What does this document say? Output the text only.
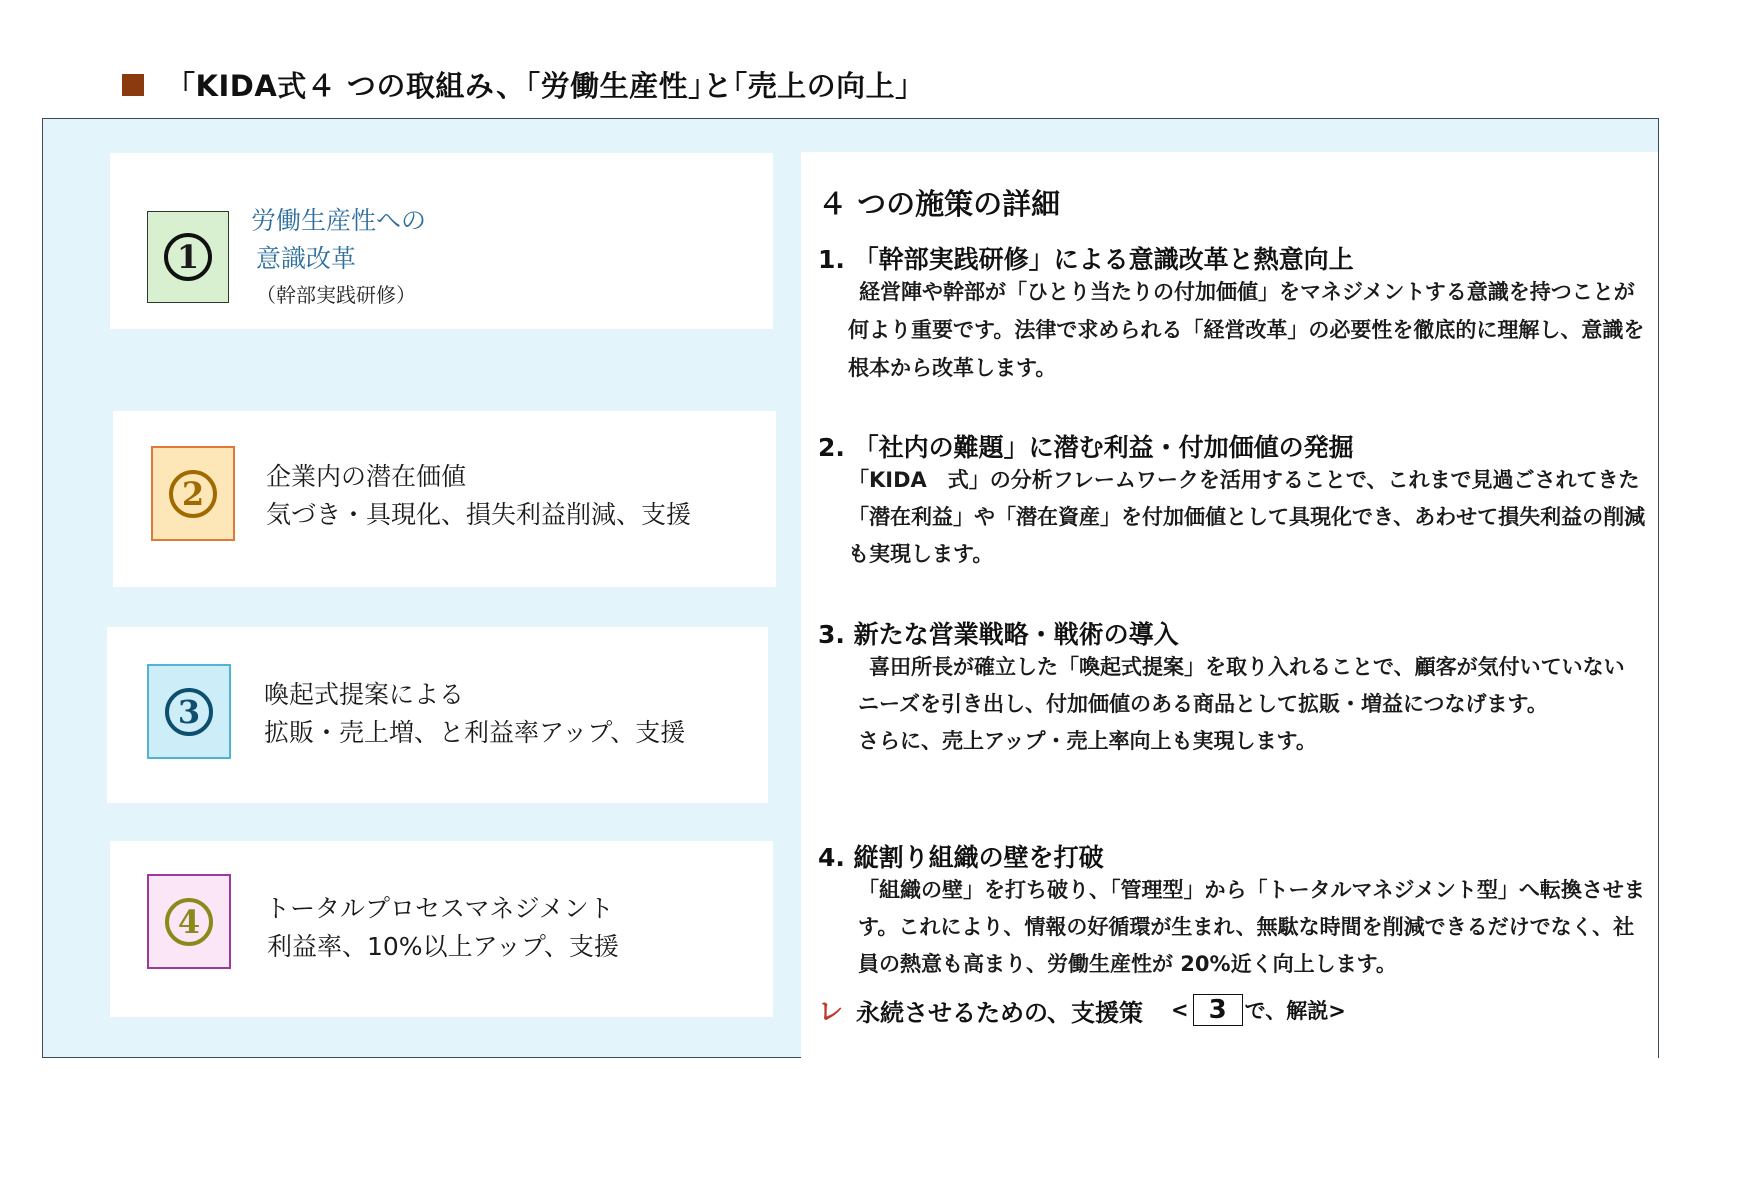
「KIDA式４ つの取組み、｢労働生産性｣と｢売上の向上｣
1
労働生産性への
意識改革
（幹部実践研修）
2	企業内の潜在価値
気づき・具現化、損失利益削減、支援
3	喚起式提案による
拡販・売上増、と利益率アップ、支援
4	トータルプロセスマネジメント
利益率、10%以上アップ、支援
４ つの施策の詳細
1. 「幹部実践研修」による意識改革と熱意向上
経営陣や幹部が「ひとり当たりの付加価値」をマネジメントする意識を持つことが
何より重要です。法律で求められる「経営改革」の必要性を徹底的に理解し、意識を
根本から改革します。
2. 「社内の難題」に潜む利益・付加価値の発掘
「KIDA　式」の分析フレームワークを活用することで、これまで見過ごされてきた
「潜在利益」や「潜在資産」を付加価値として具現化でき、あわせて損失利益の削減
も実現します。
3. 新たな営業戦略・戦術の導入
喜田所長が確立した「喚起式提案」を取り入れることで、顧客が気付いていない
ニーズを引き出し、付加価値のある商品として拡販・増益につなげます。
さらに、売上アップ・売上率向上も実現します。
4. 縦割り組織の壁を打破
「組織の壁」を打ち破り、「管理型」から「トータルマネジメント型」へ転換させま
す。これにより、情報の好循環が生まれ、無駄な時間を削減できるだけでなく、社
員の熱意も高まり、労働生産性が 20%近く向上します。
レ 永続させるための、支援策 < 3 で、解説>
